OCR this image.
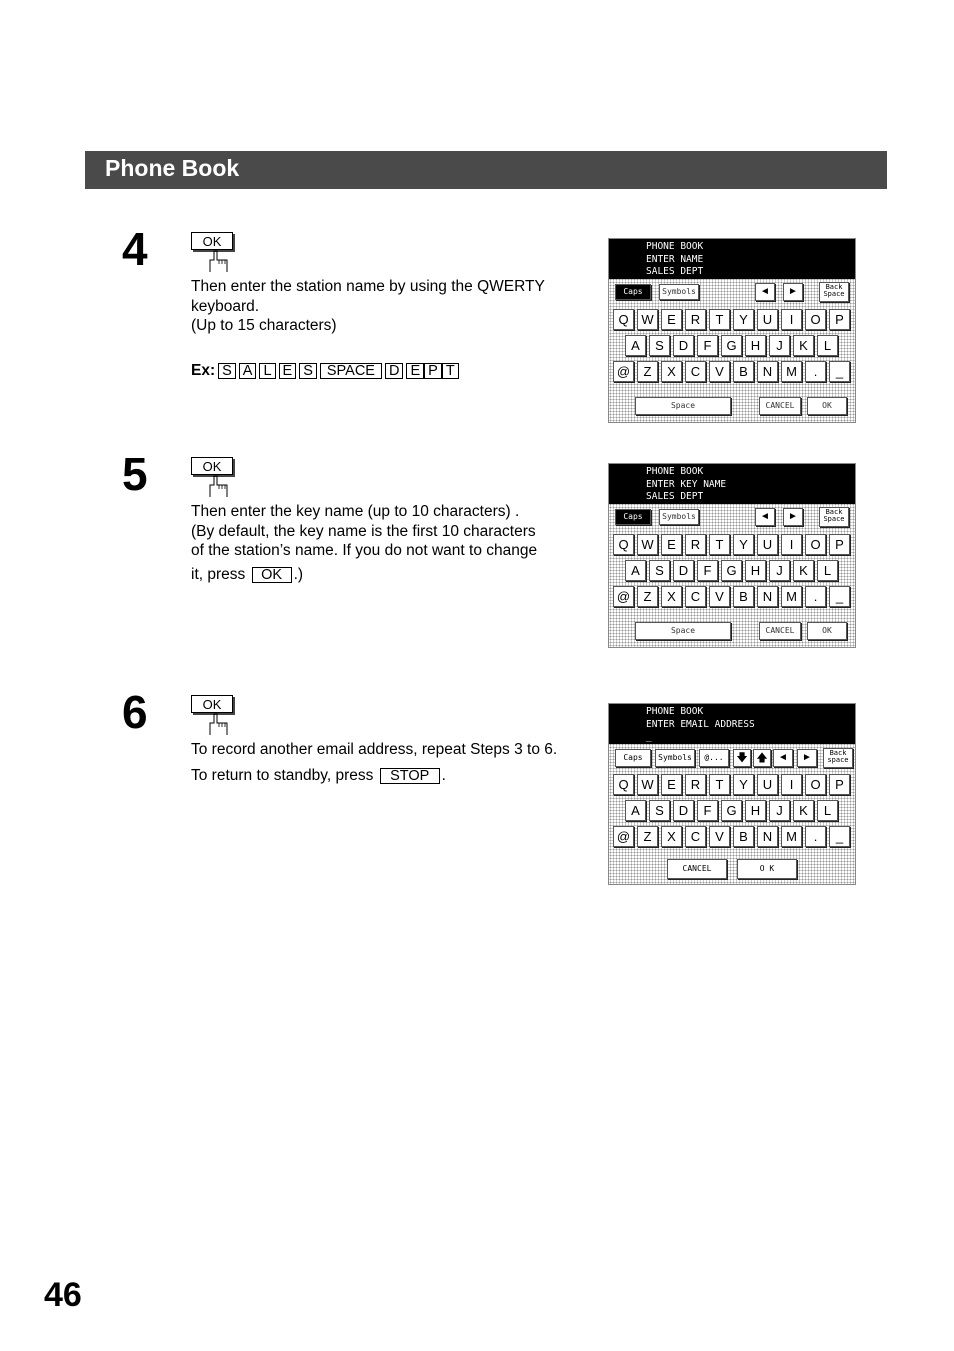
Phone Book
4	OK

Then enter the station name by using the QWERTY

keyboard.

(Up to 15 characters)

Ex: S A L E S SPACE D E P T

5	OK

Then enter the key name (up to 10 characters) .

(By default, the key name is the first 10 characters

of the station’s name. If you do not want to change

it, press OK .)

6	OK

To record another email address, repeat Steps 3 to 6.

To return to standby, press STOP .

PHONE BOOK
ENTER NAME
SALES DEPT
Caps	Symbols	◄	►	Back
Space
Q W	E	R	T	Y	U	I	O	P
A	S	D	F	G	H	J	K	L
@	Z	X	C	V	B	N	M	.	_
Space	CANCEL	OK
PHONE BOOK
ENTER KEY NAME
SALES DEPT
Caps	Symbols	◄	►	Back
Space
Q W	E	R	T	Y	U	I	O	P
A	S	D	F	G	H	J	K	L
@	Z	X	C	V	B	N	M	.	_
Space	CANCEL	OK
PHONE BOOK
ENTER EMAIL ADDRESS
_
Caps	Symbols	@...	🡇 🡅	◄	►	Back
space
Q W	E	R	T	Y	U	I	O	P
A	S	D	F	G	H	J	K	L
@	Z	X	C	V	B	N	M	.	_
CANCEL	O K
46
